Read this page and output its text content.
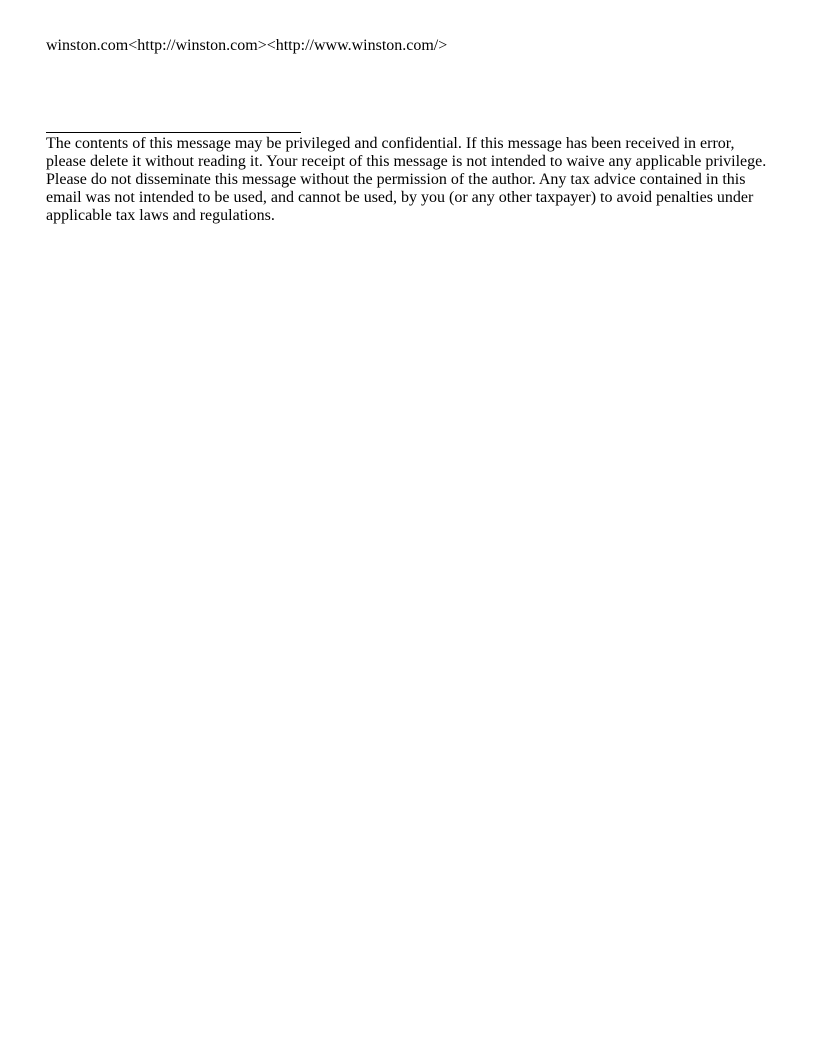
winston.com<http://winston.com><http://www.winston.com/>

The contents of this message may be privileged and confidential. If this message has been received in error, please delete it without reading it. Your receipt of this message is not intended to waive any applicable privilege. Please do not disseminate this message without the permission of the author. Any tax advice contained in this email was not intended to be used, and cannot be used, by you (or any other taxpayer) to avoid penalties under applicable tax laws and regulations.
